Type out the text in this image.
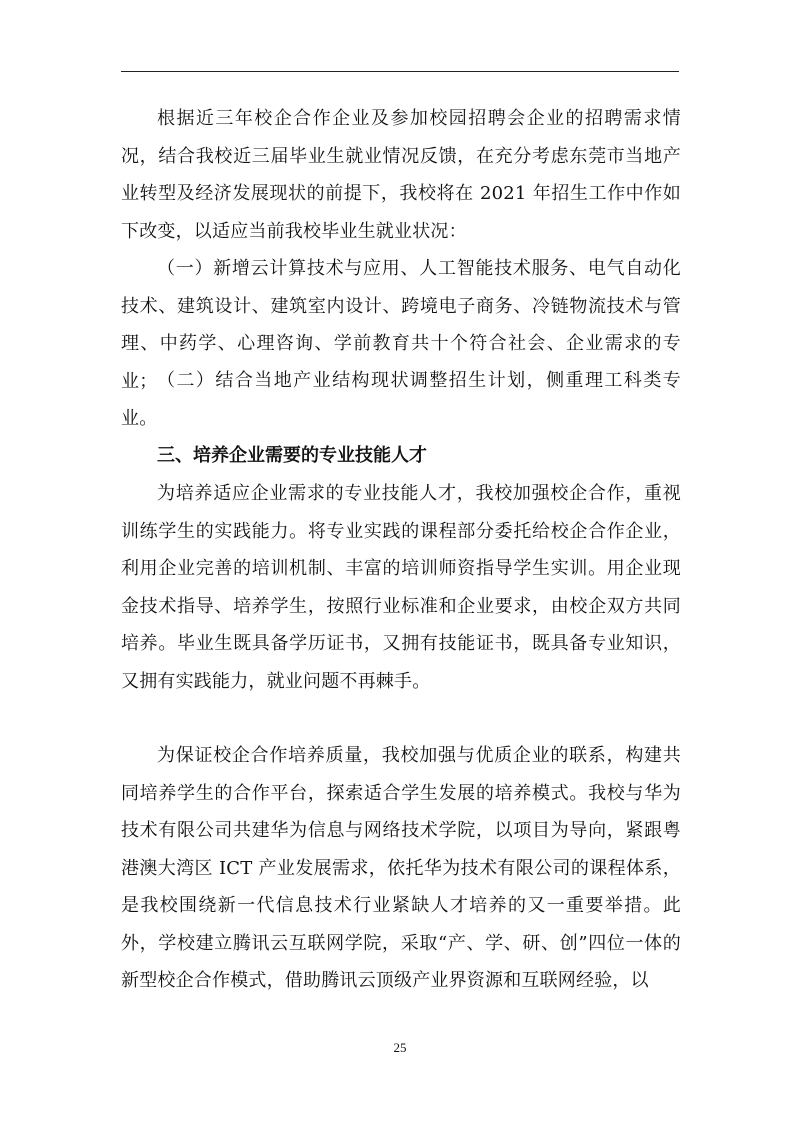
根据近三年校企合作企业及参加校园招聘会企业的招聘需求情况，结合我校近三届毕业生就业情况反馈，在充分考虑东莞市当地产业转型及经济发展现状的前提下，我校将在 2021 年招生工作中作如下改变，以适应当前我校毕业生就业状况：

（一）新增云计算技术与应用、人工智能技术服务、电气自动化技术、建筑设计、建筑室内设计、跨境电子商务、冷链物流技术与管理、中药学、心理咨询、学前教育共十个符合社会、企业需求的专业； （二）结合当地产业结构现状调整招生计划，侧重理工科类专业。

三、培养企业需要的专业技能人才

为培养适应企业需求的专业技能人才，我校加强校企合作，重视训练学生的实践能力。将专业实践的课程部分委托给校企合作企业，利用企业完善的培训机制、丰富的培训师资指导学生实训。用企业现金技术指导、培养学生，按照行业标准和企业要求，由校企双方共同培养。毕业生既具备学历证书，又拥有技能证书，既具备专业知识，又拥有实践能力，就业问题不再棘手。

为保证校企合作培养质量，我校加强与优质企业的联系，构建共同培养学生的合作平台，探索适合学生发展的培养模式。我校与华为技术有限公司共建华为信息与网络技术学院，以项目为导向，紧跟粤港澳大湾区 ICT 产业发展需求，依托华为技术有限公司的课程体系，是我校围绕新一代信息技术行业紧缺人才培养的又一重要举措。此外，学校建立腾讯云互联网学院，采取“产、学、研、创”四位一体的新型校企合作模式，借助腾讯云顶级产业界资源和互联网经验，以

25
